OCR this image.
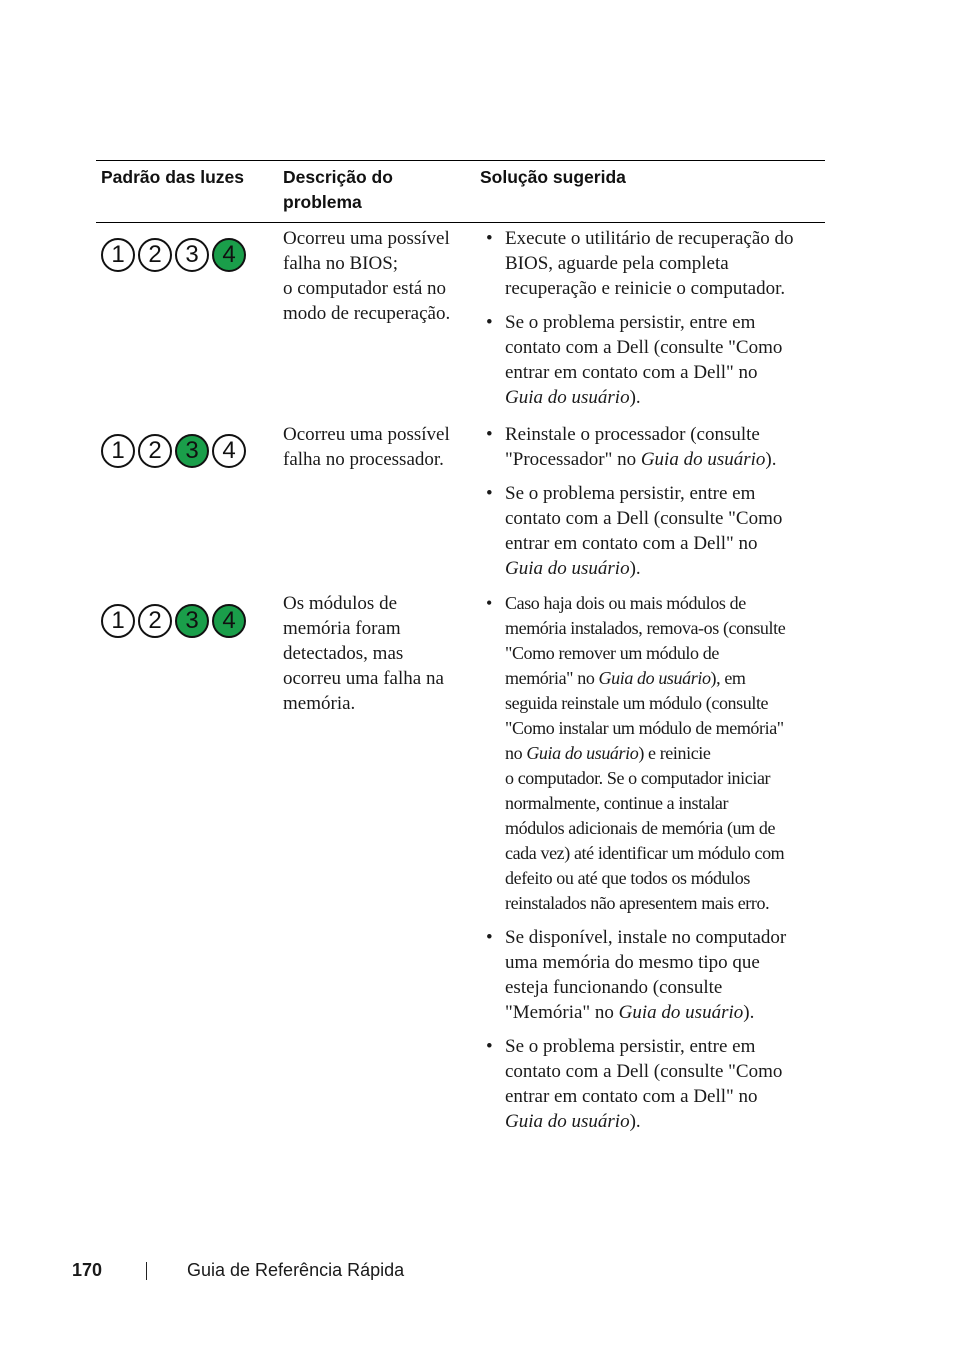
Padrão das luzes Descrição do
problema
Solução sugerida
1 2 3 4
Ocorreu uma possível
falha no BIOS;
o computador está no
modo de recuperação.
• Execute o utilitário de recuperação do
BIOS, aguarde pela completa
recuperação e reinicie o computador.
• Se o problema persistir, entre em
contato com a Dell (consulte "Como
entrar em contato com a Dell" no
Guia do usuário).
1 2 3 4
Ocorreu uma possível
falha no processador.
• Reinstale o processador (consulte
"Processador" no Guia do usuário).
• Se o problema persistir, entre em
contato com a Dell (consulte "Como
entrar em contato com a Dell" no
Guia do usuário).
1 2 3 4
Os módulos de
memória foram
detectados, mas
ocorreu uma falha na
memória.
• Caso haja dois ou mais módulos de
memória instalados, remova-os (consulte
"Como remover um módulo de
memória" no Guia do usuário), em
seguida reinstale um módulo (consulte
"Como instalar um módulo de memória"
no Guia do usuário) e reinicie
o computador. Se o computador iniciar
normalmente, continue a instalar
módulos adicionais de memória (um de
cada vez) até identificar um módulo com
defeito ou até que todos os módulos
reinstalados não apresentem mais erro.
• Se disponível, instale no computador
uma memória do mesmo tipo que
esteja funcionando (consulte
"Memória" no Guia do usuário).
• Se o problema persistir, entre em
contato com a Dell (consulte "Como
entrar em contato com a Dell" no
Guia do usuário).
170	Guia de Referência Rápida
